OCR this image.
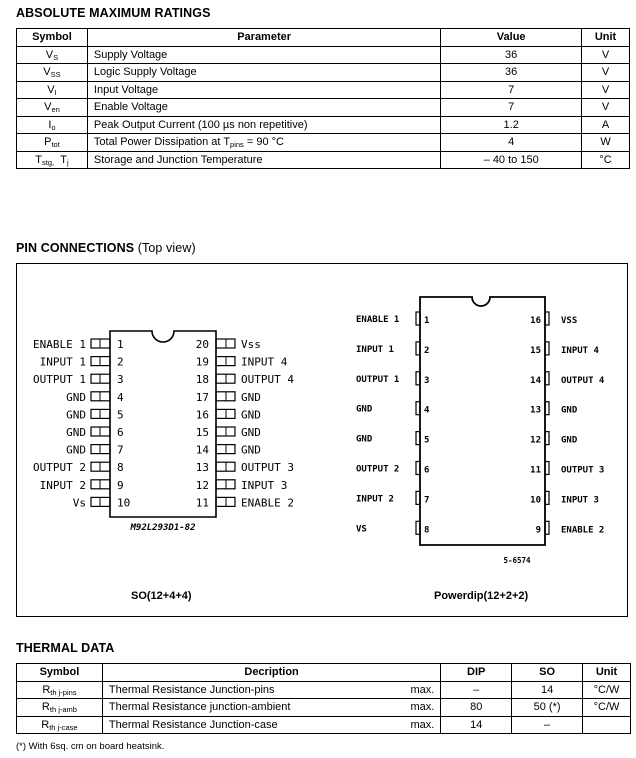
ABSOLUTE MAXIMUM RATINGS
Symbol	Parameter	Value	Unit
$V_S$	Supply Voltage	36	V
$V_{SS}$	Logic Supply Voltage	36	V
$V_I$	Input Voltage	7	V
$V_{en}$	Enable Voltage	7	V
$I_o$	Peak Output Current (100 µs non repetitive)	1.2	A
$P_{tot}$	Total Power Dissipation at $T_{pins} = 90$ °C	4	W
$T_{stg,}$ $T_j$	Storage and Junction Temperature	– 40 to 150	°C
PIN CONNECTIONS (Top view)
1
ENABLE 1
2
INPUT 1
3
OUTPUT 1
4
GND
5
GND
6
GND
7
GND
8
OUTPUT 2
9
INPUT 2
10
Vs
20	Vss
19	INPUT 4
18	OUTPUT 4
17	GND
16	GND
15	GND
14	GND
13	OUTPUT 3
12	INPUT 3
11	ENABLE 2
M92L293D1-82
1
ENABLE 1
2
INPUT 1
3
OUTPUT 1
4
GND
5
GND
6
OUTPUT 2
7
INPUT 2
8
VS
16 VSS
15 INPUT 4
14 OUTPUT 4
13 GND
12 GND
11 OUTPUT 3
10 INPUT 3
9 ENABLE 2
5-6574
SO(12+4+4)	Powerdip(12+2+2)
THERMAL DATA
Symbol	Decription	DIP	SO	Unit
$R_{th j-pins}$	Thermal Resistance Junction-pins max.	–	14	°C/W
$R_{th j-amb}$	Thermal Resistance junction-ambient max.	80	50 (*)	°C/W
$R_{th j-case}$	Thermal Resistance Junction-case max.	14	–	
(*) With 6sq. cm on board heatsink.
